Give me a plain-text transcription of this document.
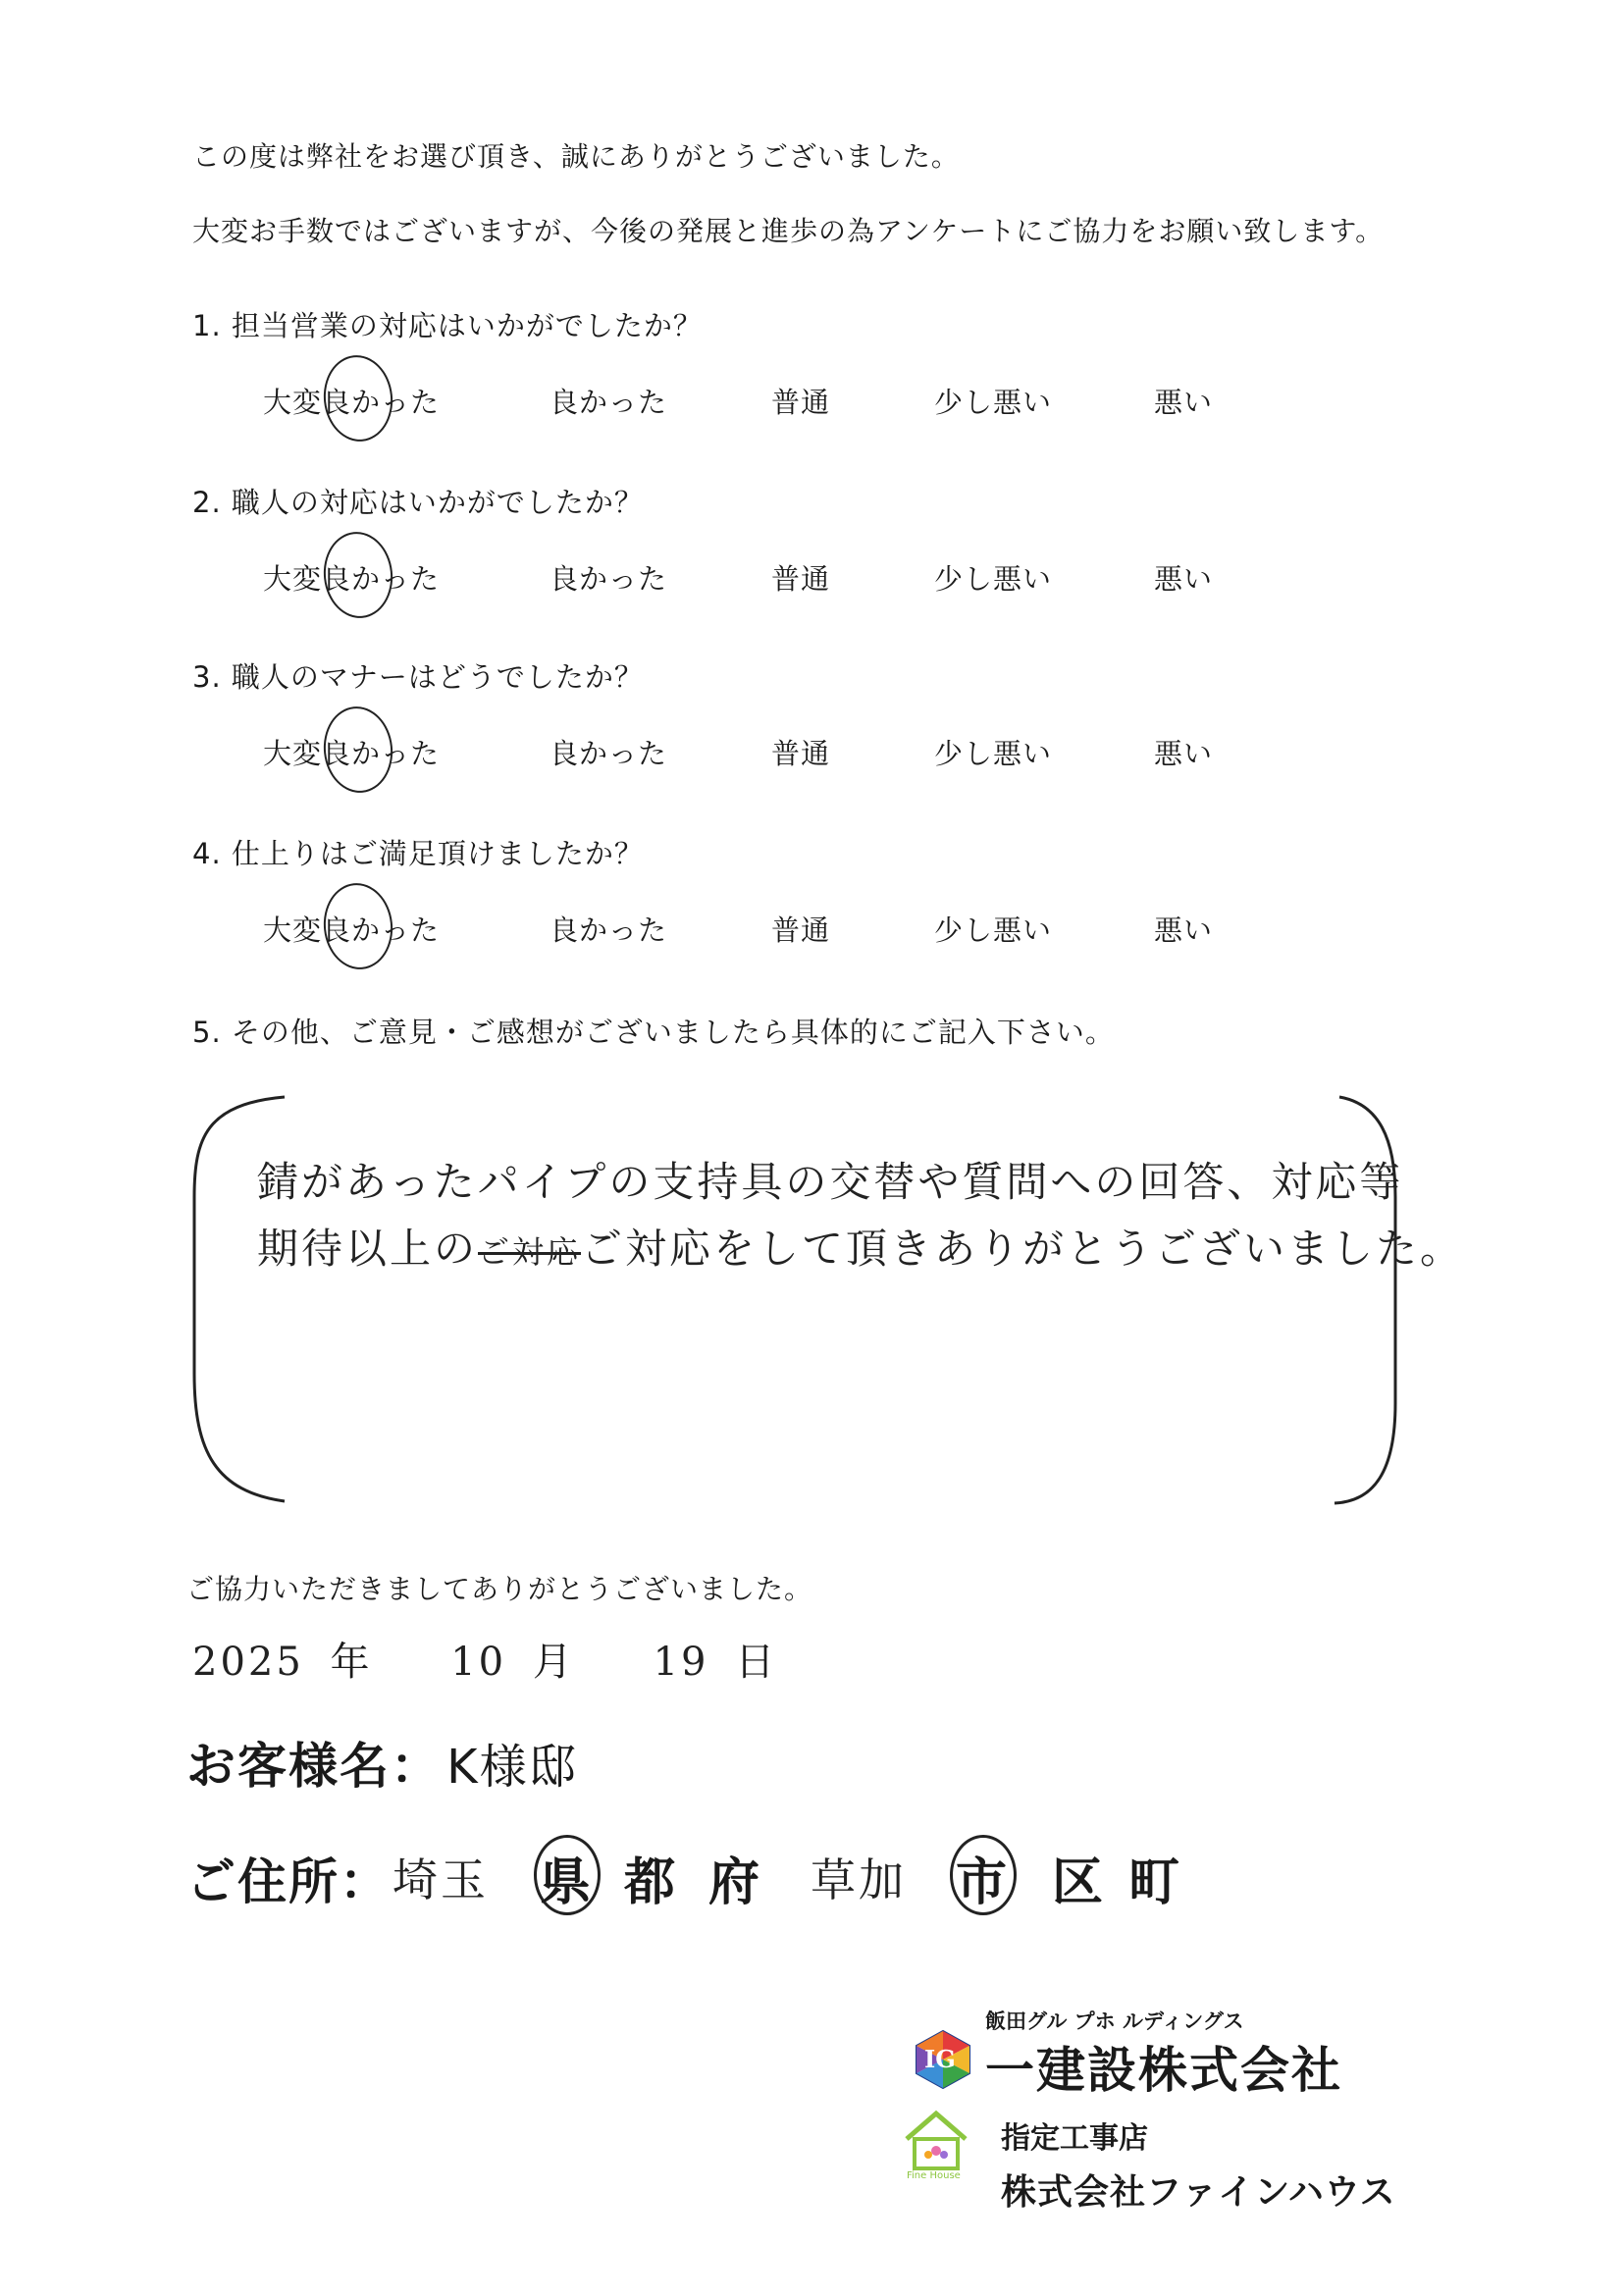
この度は弊社をお選び頂き、誠にありがとうございました。
大変お手数ではございますが、今後の発展と進歩の為アンケートにご協力をお願い致します。
1. 担当営業の対応はいかがでしたか？
大変良かった	良かった	普通	少し悪い	悪い
2. 職人の対応はいかがでしたか？
大変良かった	良かった	普通	少し悪い	悪い
3. 職人のマナーはどうでしたか？
大変良かった	良かった	普通	少し悪い	悪い
4. 仕上りはご満足頂けましたか？
大変良かった	良かった	普通	少し悪い	悪い
5. その他、ご意見・ご感想がございましたら具体的にご記入下さい。
錆があったパイプの支持具の交替や質問への回答、対応等
期待以上のご対応ご対応をして頂きありがとうございました。
ご協力いただきましてありがとうございました。
2025 年 10 月 19 日
お客様名： K様邸
ご住所： 埼玉 県 都 府 草加 市 区 町
飯田グル プホ ルディングス
IG 一建設株式会社
Fine House
指定工事店
株式会社ファインハウス
